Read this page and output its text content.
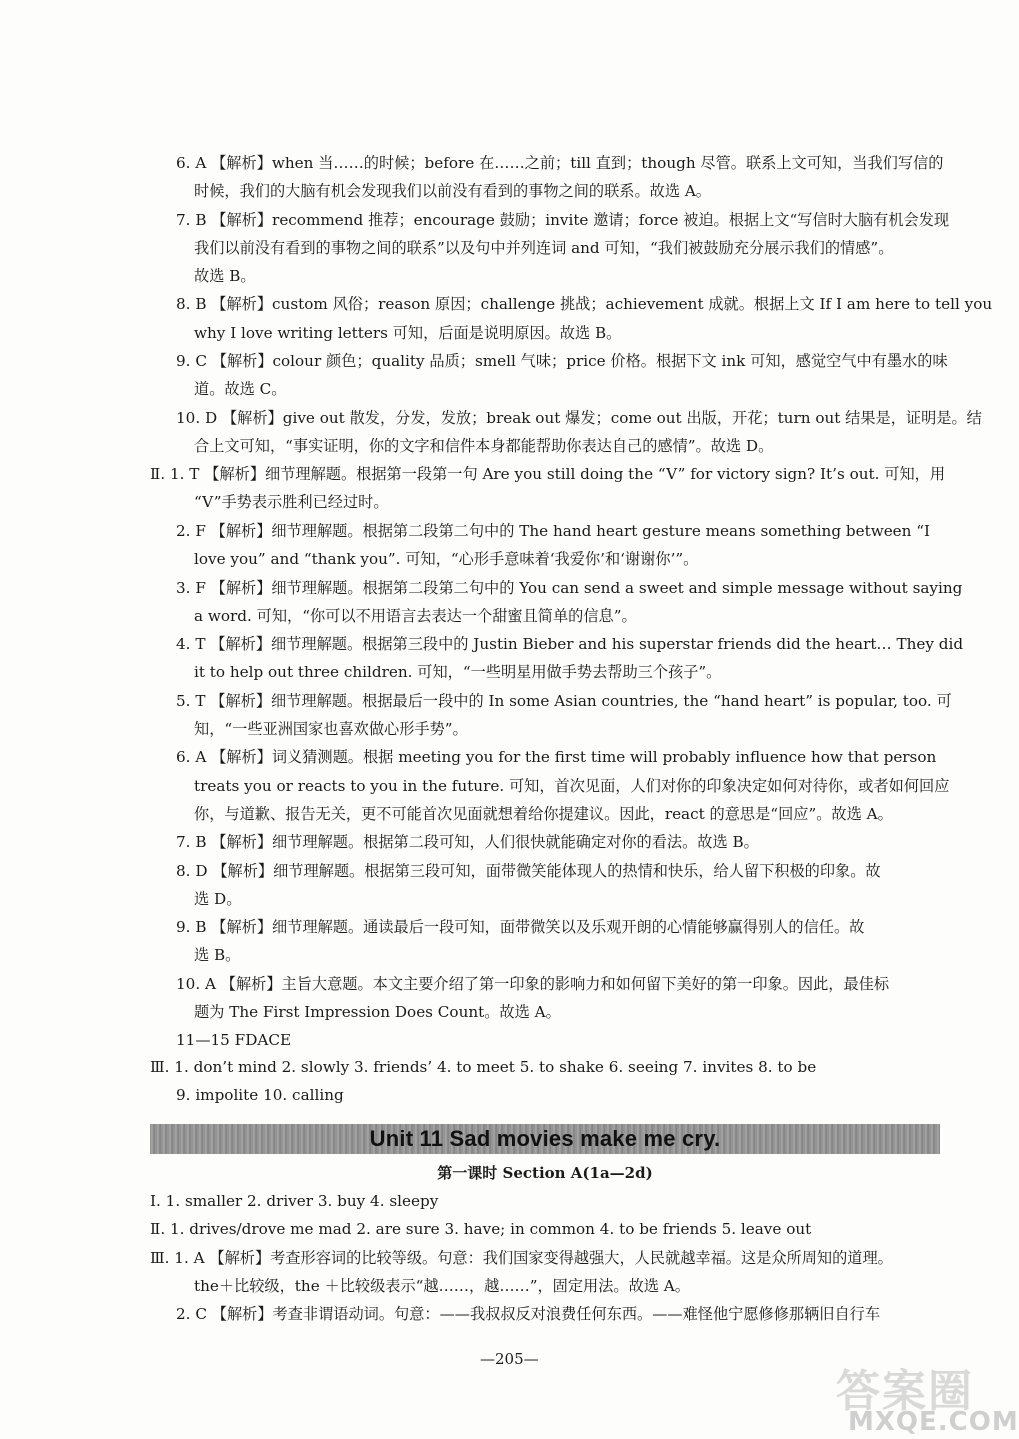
6. A 【解析】when 当……的时候；before 在……之前；till 直到；though 尽管。联系上文可知，当我们写信的
时候，我们的大脑有机会发现我们以前没有看到的事物之间的联系。故选 A。
7. B 【解析】recommend 推荐；encourage 鼓励；invite 邀请；force 被迫。根据上文“写信时大脑有机会发现
我们以前没有看到的事物之间的联系”以及句中并列连词 and 可知，“我们被鼓励充分展示我们的情感”。
故选 B。
8. B 【解析】custom 风俗；reason 原因；challenge 挑战；achievement 成就。根据上文 If I am here to tell you
why I love writing letters 可知，后面是说明原因。故选 B。
9. C 【解析】colour 颜色；quality 品质；smell 气味；price 价格。根据下文 ink 可知，感觉空气中有墨水的味
道。故选 C。
10. D 【解析】give out 散发，分发，发放；break out 爆发；come out 出版，开花；turn out 结果是，证明是。结
合上文可知，“事实证明，你的文字和信件本身都能帮助你表达自己的感情”。故选 D。
Ⅱ. 1. T 【解析】细节理解题。根据第一段第一句 Are you still doing the “V” for victory sign? It’s out. 可知，用
“V”手势表示胜利已经过时。
2. F 【解析】细节理解题。根据第二段第二句中的 The hand heart gesture means something between “I
love you” and “thank you”. 可知，“心形手意味着‘我爱你’和‘谢谢你’”。
3. F 【解析】细节理解题。根据第二段第二句中的 You can send a sweet and simple message without saying
a word. 可知，“你可以不用语言去表达一个甜蜜且简单的信息”。
4. T 【解析】细节理解题。根据第三段中的 Justin Bieber and his superstar friends did the heart… They did
it to help out three children. 可知，“一些明星用做手势去帮助三个孩子”。
5. T 【解析】细节理解题。根据最后一段中的 In some Asian countries, the “hand heart” is popular, too. 可
知，“一些亚洲国家也喜欢做心形手势”。
6. A 【解析】词义猜测题。根据 meeting you for the first time will probably influence how that person
treats you or reacts to you in the future. 可知，首次见面，人们对你的印象决定如何对待你，或者如何回应
你，与道歉、报告无关，更不可能首次见面就想着给你提建议。因此，react 的意思是“回应”。故选 A。
7. B 【解析】细节理解题。根据第二段可知，人们很快就能确定对你的看法。故选 B。
8. D 【解析】细节理解题。根据第三段可知，面带微笑能体现人的热情和快乐，给人留下积极的印象。故
选 D。
9. B 【解析】细节理解题。通读最后一段可知，面带微笑以及乐观开朗的心情能够赢得别人的信任。故
选 B。
10. A 【解析】主旨大意题。本文主要介绍了第一印象的影响力和如何留下美好的第一印象。因此，最佳标
题为 The First Impression Does Count。故选 A。
11—15 FDACE
Ⅲ. 1. don’t mind 2. slowly 3. friends’ 4. to meet 5. to shake 6. seeing 7. invites 8. to be
9. impolite 10. calling
Unit 11 Sad movies make me cry.
第一课时 Section A(1a—2d)
Ⅰ. 1. smaller 2. driver 3. buy 4. sleepy
Ⅱ. 1. drives/drove me mad 2. are sure 3. have; in common 4. to be friends 5. leave out
Ⅲ. 1. A 【解析】考查形容词的比较等级。句意：我们国家变得越强大，人民就越幸福。这是众所周知的道理。
the＋比较级，the ＋比较级表示“越……，越……”，固定用法。故选 A。
2. C 【解析】考查非谓语动词。句意：——我叔叔反对浪费任何东西。——难怪他宁愿修修那辆旧自行车
—205—
答案圈
MXQE.COM
